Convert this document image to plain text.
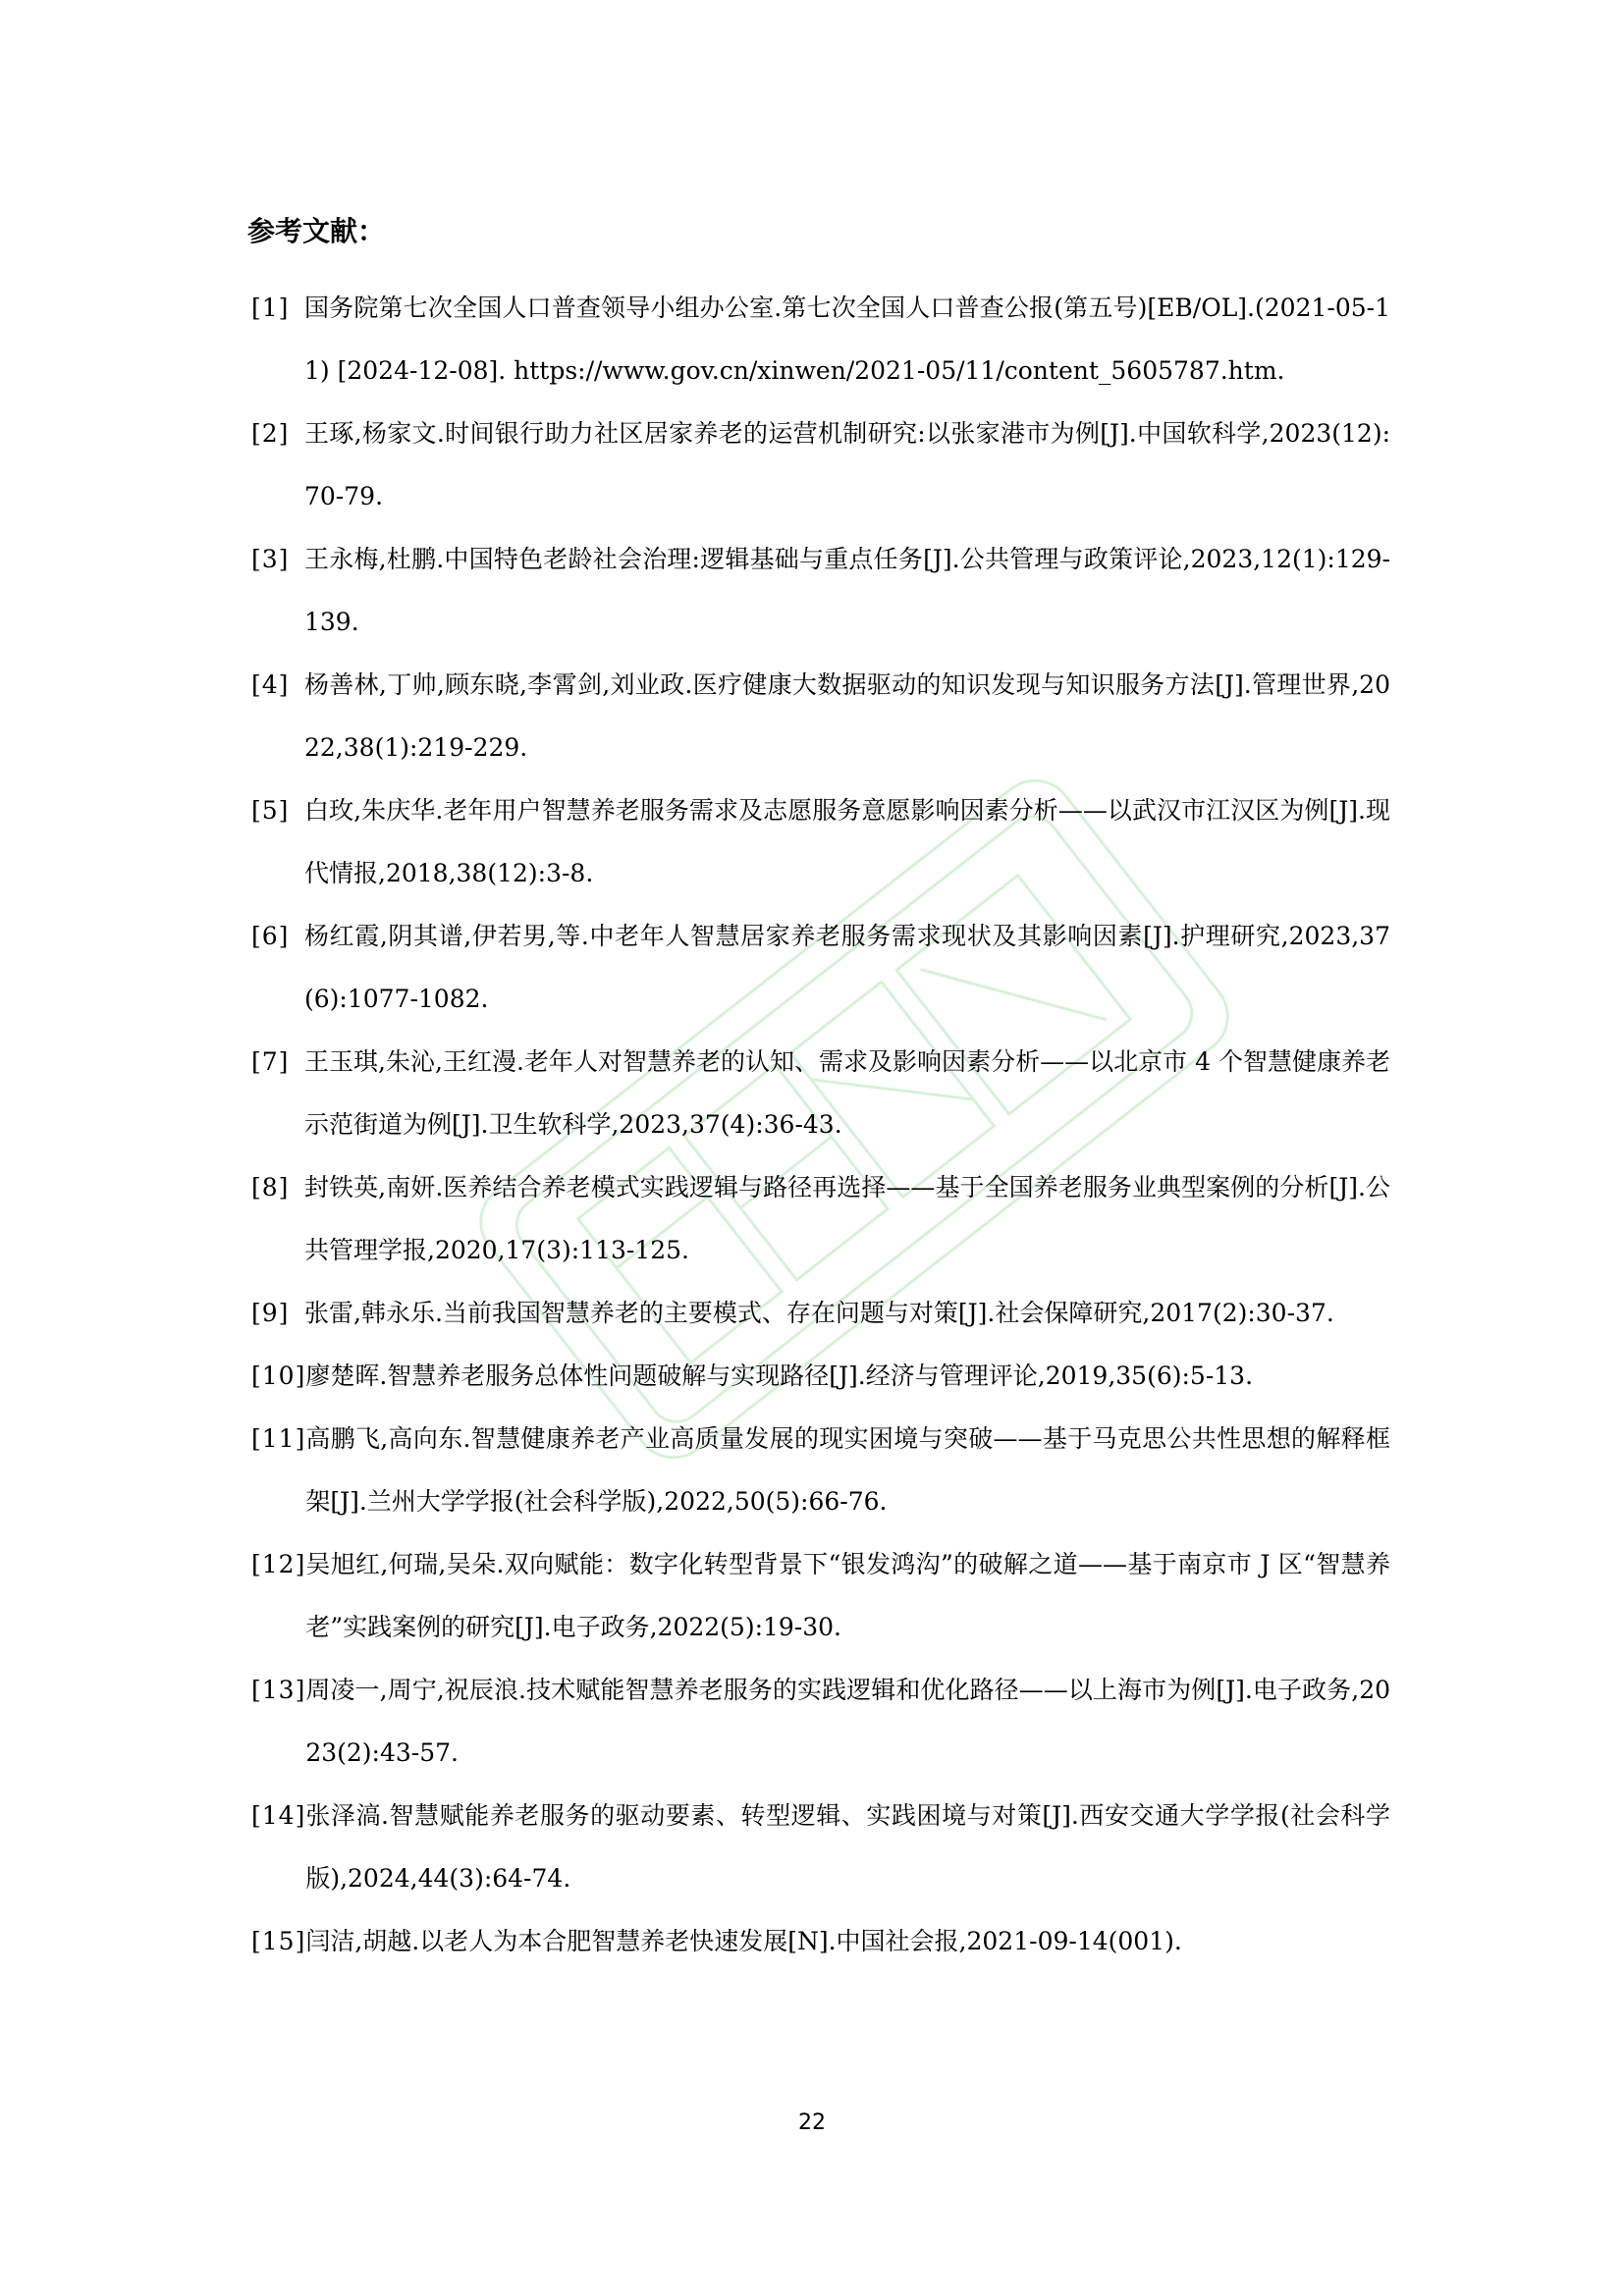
参考文献：
[1] 国务院第七次全国人口普查领导小组办公室.第七次全国人口普查公报(第五号)[EB/OL].(2021-05-11) [2024-12-08]. https://www.gov.cn/xinwen/2021-05/11/content_5605787.htm.
[2] 王琢,杨家文.时间银行助力社区居家养老的运营机制研究:以张家港市为例[J].中国软科学,2023(12):70-79.
[3] 王永梅,杜鹏.中国特色老龄社会治理:逻辑基础与重点任务[J].公共管理与政策评论,2023,12(1):129-139.
[4] 杨善林,丁帅,顾东晓,李霄剑,刘业政.医疗健康大数据驱动的知识发现与知识服务方法[J].管理世界,2022,38(1):219-229.
[5] 白玫,朱庆华.老年用户智慧养老服务需求及志愿服务意愿影响因素分析——以武汉市江汉区为例[J].现代情报,2018,38(12):3-8.
[6] 杨红霞,阴其谱,伊若男,等.中老年人智慧居家养老服务需求现状及其影响因素[J].护理研究,2023,37(6):1077-1082.
[7] 王玉琪,朱沁,王红漫.老年人对智慧养老的认知、需求及影响因素分析——以北京市 4 个智慧健康养老示范街道为例[J].卫生软科学,2023,37(4):36-43.
[8] 封铁英,南妍.医养结合养老模式实践逻辑与路径再选择——基于全国养老服务业典型案例的分析[J].公共管理学报,2020,17(3):113-125.
[9] 张雷,韩永乐.当前我国智慧养老的主要模式、存在问题与对策[J].社会保障研究,2017(2):30-37.
[10] 廖楚晖.智慧养老服务总体性问题破解与实现路径[J].经济与管理评论,2019,35(6):5-13.
[11] 高鹏飞,高向东.智慧健康养老产业高质量发展的现实困境与突破——基于马克思公共性思想的解释框架[J].兰州大学学报(社会科学版),2022,50(5):66-76.
[12] 吴旭红,何瑞,吴朵.双向赋能：数字化转型背景下“银发鸿沟”的破解之道——基于南京市 J 区“智慧养老”实践案例的研究[J].电子政务,2022(5):19-30.
[13] 周凌一,周宁,祝辰浪.技术赋能智慧养老服务的实践逻辑和优化路径——以上海市为例[J].电子政务,2023(2):43-57.
[14] 张泽滈.智慧赋能养老服务的驱动要素、转型逻辑、实践困境与对策[J].西安交通大学学报(社会科学版),2024,44(3):64-74.
[15] 闫洁,胡越.以老人为本合肥智慧养老快速发展[N].中国社会报,2021-09-14(001).
22
